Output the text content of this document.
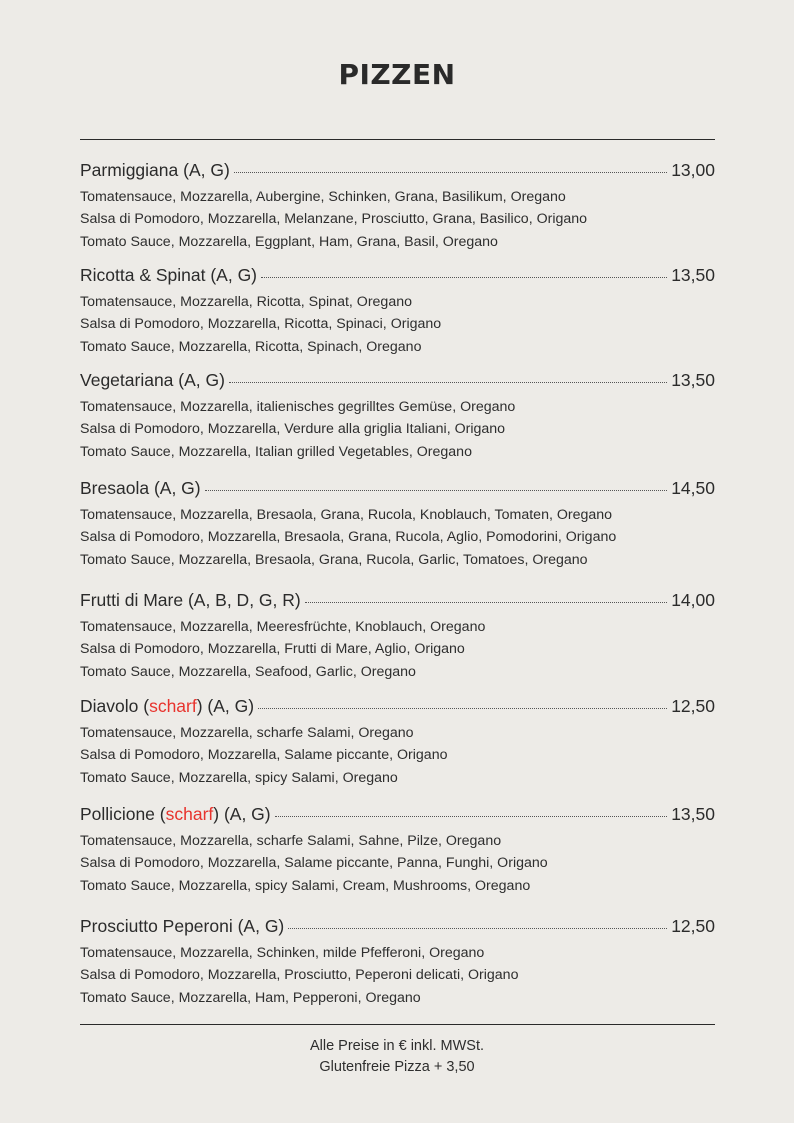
PIZZEN
Parmiggiana (A, G)	13,00
Tomatensauce, Mozzarella, Aubergine, Schinken, Grana, Basilikum, Oregano
Salsa di Pomodoro, Mozzarella, Melanzane, Prosciutto, Grana, Basilico, Origano
Tomato Sauce, Mozzarella, Eggplant, Ham, Grana, Basil, Oregano
Ricotta & Spinat (A, G)	13,50
Tomatensauce, Mozzarella, Ricotta, Spinat, Oregano
Salsa di Pomodoro, Mozzarella, Ricotta, Spinaci, Origano
Tomato Sauce, Mozzarella, Ricotta, Spinach, Oregano
Vegetariana (A, G)	13,50
Tomatensauce, Mozzarella, italienisches gegrilltes Gemüse, Oregano
Salsa di Pomodoro, Mozzarella, Verdure alla griglia Italiani, Origano
Tomato Sauce, Mozzarella, Italian grilled Vegetables, Oregano
Bresaola (A, G)	14,50
Tomatensauce, Mozzarella, Bresaola, Grana, Rucola, Knoblauch, Tomaten, Oregano
Salsa di Pomodoro, Mozzarella, Bresaola, Grana, Rucola, Aglio, Pomodorini, Origano
Tomato Sauce, Mozzarella, Bresaola, Grana, Rucola, Garlic, Tomatoes, Oregano
Frutti di Mare (A, B, D, G, R)	14,00
Tomatensauce, Mozzarella, Meeresfrüchte, Knoblauch, Oregano
Salsa di Pomodoro, Mozzarella, Frutti di Mare, Aglio, Origano
Tomato Sauce, Mozzarella, Seafood, Garlic, Oregano
Diavolo (scharf) (A, G)	12,50
Tomatensauce, Mozzarella, scharfe Salami, Oregano
Salsa di Pomodoro, Mozzarella, Salame piccante, Origano
Tomato Sauce, Mozzarella, spicy Salami, Oregano
Pollicione (scharf) (A, G)	13,50
Tomatensauce, Mozzarella, scharfe Salami, Sahne, Pilze, Oregano
Salsa di Pomodoro, Mozzarella, Salame piccante, Panna, Funghi, Origano
Tomato Sauce, Mozzarella, spicy Salami, Cream, Mushrooms, Oregano
Prosciutto Peperoni (A, G)	12,50
Tomatensauce, Mozzarella, Schinken, milde Pfefferoni, Oregano
Salsa di Pomodoro, Mozzarella, Prosciutto, Peperoni delicati, Origano
Tomato Sauce, Mozzarella, Ham, Pepperoni, Oregano
Alle Preise in € inkl. MWSt.
Glutenfreie Pizza + 3,50
